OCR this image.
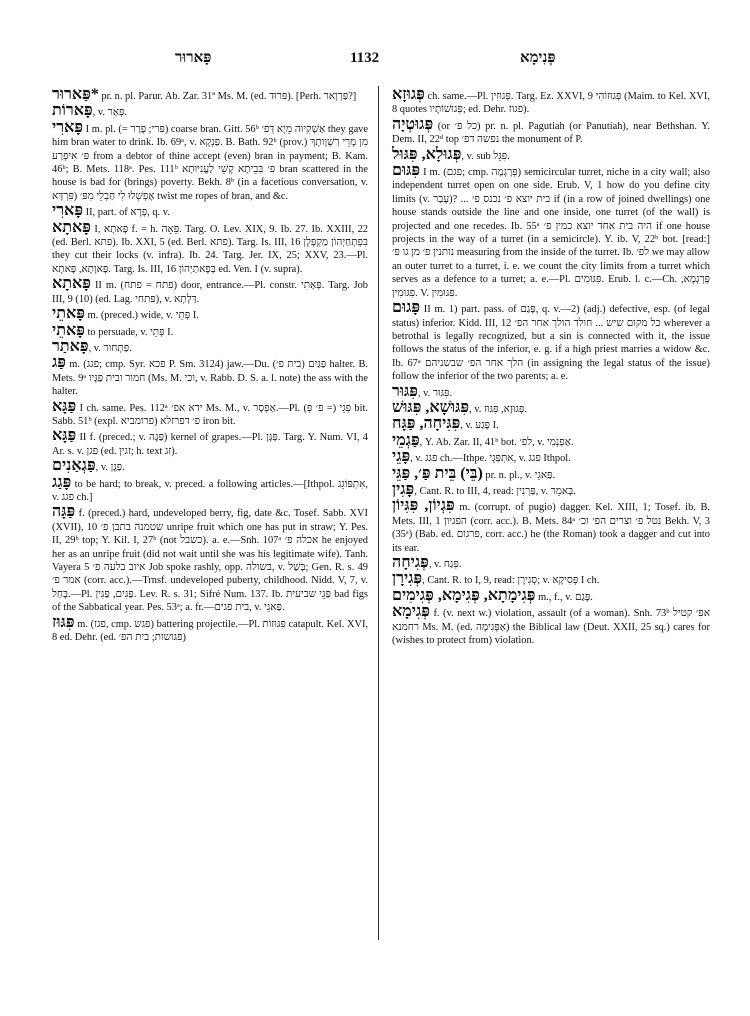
פָּארוּר	1132	פְּנִימָא
*פַּארוּר pr. n. pl. Parur. Ab. Zar. 31ª Ms. M. (ed. פּרוּד). [Perh. פַּרְוָאר?]
פָּארוֹת, v. פְּאַר.
פָּארִי I m. pl. (= פּרי; פָּרַר) coarse bran. Gitt. 56ᵇ אַשְׁקִיוּה מֵיָא דְּפ׳ they gave him bran water to drink. Ib. 69ᵃ, v. פַּנְקָא. B. Bath. 92ᵇ (prov.) מִן מָרֵי רַשְׁוָותָךְ פּ׳ אִיפְרַע from a debtor of thine accept (even) bran in payment; B. Kam. 46ᵇ; B. Mets. 118ᵃ. Pes. 111ᵇ פּ׳ בִּבֵיתָא קָשֵׁי לַעֲנִיּוּתָא bran scattered in the house is bad for (brings) poverty. Bekh. 8ᵇ (in a facetious conversation, v. פִּרְדָּא) אֶפְשְׁלוּ לִי חַבְלֵי מִפּ׳ twist me ropes of bran, and &c.
פָּארִי II, part. of פְּרָא, q. v.
פָּאתָא I, פָּאתָא f. = h. פֵּאָה. Targ. O. Lev. XIX, 9. Ib. 27. Ib. XXIII, 22 (ed. Berl. פתא). Ib. XXI, 5 (ed. Berl. פתא). Targ. Is. III, 16 בִּפְתָחַיְהוֹן מַקְפְּלָן they cut their locks (v. infra). Ib. 24. Targ. Jer. IX, 25; XXV, 23.—Pl. פָּאוָתָא, פָּאתָא. Targ. Is. III, 16 בְּפָאתַיְהוֹן ed. Ven. I (v. supra).
פָּאתָא II m. (פתח = פתח) door, entrance.—Pl. constr. פְּאַתִי. Targ. Job III, 9 (10) (ed. Lag. פּתחי), v. דַּלְתָא.
פָּאתֵי m. (preced.) wide, v. פְּתֵי I.
פָּאתֵי to persuade, v. פְּתֵי I.
פָּאתַר, v. פַּתְחוּר.
פַּג m. (פגג; cmp. Syr. פכא P. Sm. 3124) jaw.—Du. פַּגַּיִם (בית פ׳) halter. B. Mets. 9ᵃ חמור ובית פַּגָּיו (Ms. M. וכי, v. Rabb. D. S. a. l. note) the ass with the halter.
פַּגָּא I ch. same. Pes. 112ᵃ ידא אפ׳ Ms. M., v. אַפְסָר.—Pl. פְּגֵי (= פ׳ פְּ) bit. Sabb. 51ᵇ (expl. פרומביא) פ׳ דפרזלא iron bit.
פַּגָּא II f. (preced.; v. פַּגָּה) kernel of grapes.—Pl. פַּגָּן. Targ. Y. Num. VI, 4 Ar. s. v. פגן (ed. זגין; h. text זג).
פַּגְאַנִים, v. פַּגָּן.
פָּגַג to be hard; to break, v. preced. a following articles.—[Ithpol. אִתְפּוֹגֵג, v. פגג ch.]
פַּגָּה f. (preced.) hard, undeveloped berry, fig, date &c. Tosef. Sabb. XVI (XVII), 10 שטמנה בתבן פ׳ unripe fruit which one has put in straw; Y. Pes. II, 29ᵇ top; Y. Kil. I, 27ᵇ (not כשבל). a. e.—Snh. 107ᵃ אכלה פ׳ he enjoyed her as an unripe fruit (did not wait until she was his legitimate wife). Tanh. Vayera 5 איוב בלעה פ׳ Job spoke rashly, opp. בשולה, v. בָּשַׁל; Gen. R. s. 49 אמר פ׳ (corr. acc.).—Trnsf. undeveloped puberty, childhood. Nidd. V, 7, v. בָּחַל.—Pl. פַּגִּים, פַּגִּין. Lev. R. s. 31; Sifré Num. 137. Ib. פַּגֵּי שביעית bad figs of the Sabbatical year. Pes. 53ᵃ; a. fr.—בית פגים, v. פַּאגֵי.
פִּגּוּז m. (פגז, cmp. פגש) battering projectile.—Pl. פִּגּוּזוֹת catapult. Kel. XVI, 8 ed. Dehr. (ed. פגושות; בית הפ׳)
פְּגוּזָא ch. same.—Pl. פְּגוּזִין. Targ. Ez. XXVI, 9 פְּגוּזוֹהִי (Maim. to Kel. XVI, 8 quotes פְּגוּשׁוֹתָיו; ed. Dehr. פגוז).
פְּגוּטְיָה (or כל פ׳) pr. n. pl. Pagutiah (or Panutiah), near Bethshan. Y. Dem. II, 22ᵈ top נפשה דפ׳ the monument of P.
פְּגוּלָא, פִּגּוּל, v. sub פִּגֵּל.
פִּגּוּם I m. (פגם; cmp. פְּרָגְמָה) semicircular turret, niche in a city wall; also independent turret open on one side. Erub. V, 1 how do you define city limits (v. עָבַר)? ... בית יוצא פ׳ נכנס פ׳ if (in a row of joined dwellings) one house stands outside the line and one inside, one turret (of the wall) is projected and one recedes. Ib. 55ᵃ היה בית אחד יוצא כמין פ׳ if one house projects in the way of a turret (in a semicircle). Y. ib. V, 22ᵇ bot. [read:] נותנין פ׳ מן גו פ׳ measuring from the inside of the turret. Ib. לפ׳ we may allow an outer turret to a turret, i. e. we count the city limits from a turret which serves as a defence to a turret; a. e.—Pl. פִּגּוּמִים. Erub. l. c.—Ch. פְּרָגְמָא, פִּגּוּמִין. V. פִּגּוּמִין.
פָּגוּם II m. 1) part. pass. of פָּגַם, q. v.—2) (adj.) defective, esp. (of legal status) inferior. Kidd. III, 12 כל מקום שיש ... חולד הולך אחר הפ׳ wherever a betrothal is legally recognized, but a sin is connected with it, the issue follows the status of the inferior, e. g. if a high priest marries a widow &c. Ib. 67ᵃ הלך אחר הפ׳ שבשניהם (in assigning the legal status of the issue) follow the inferior of the two parents; a. e.
פִּגּוּר, v. פִּגּוּר.
פִּגּוּשָׁא, פִּגּוּשׁ, v. פְּגוּזָא, פִּגּוּז.
פִּגִּיחָה, פַּגָּח, v. פָּגַע I.
פַּגְמֵי, Y. Ab. Zar. II, 41ᵇ bot. לפ׳, v. אַפְנְמִי.
פָּגֵי, v. פגג ch.—Ithpe. אִתְפְּגֵי, v. פגג Ithpol.
(בֵּי) בֵּית פַּ׳, פַּגֵּי pr. n. pl., v. פַּאגֵי.
פָּגִין, Cant. R. to III, 4, read: פַּרְנִין, v. בָּאמֵר.
פִּגְיוֹן, פִּגִּיוֹן m. (corrupt. of pugio) dagger. Kel. XIII, 1; Tosef. ib. B. Mets. III, 1 הפגיון (corr. acc.). B. Mets. 84ᵃ נטל פ׳ וצרים הפ׳ וכ׳ Bekh. V, 3 (35ᵃ) (Bab. ed. פרגום, corr. acc.) he (the Roman) took a dagger and cut into its ear.
פְּגִיחָה, v. פְּגַח.
פְּגִירָן, Cant. R. to I, 9, read: סְגִירָן; v. פְּסִיקָא I ch.
פְּגִימָתָא, פְּגִימָא, פְּגִימִים m., f., v. פָּגַם.
פְּגִימָא f. (v. next w.) violation, assault (of a woman). Snh. 73ᵇ אפ׳ קטיל רחמנא Ms. M. (ed. אַפְּגִימָה) the Biblical law (Deut. XXII, 25 sq.) cares for (wishes to protect from) violation.
